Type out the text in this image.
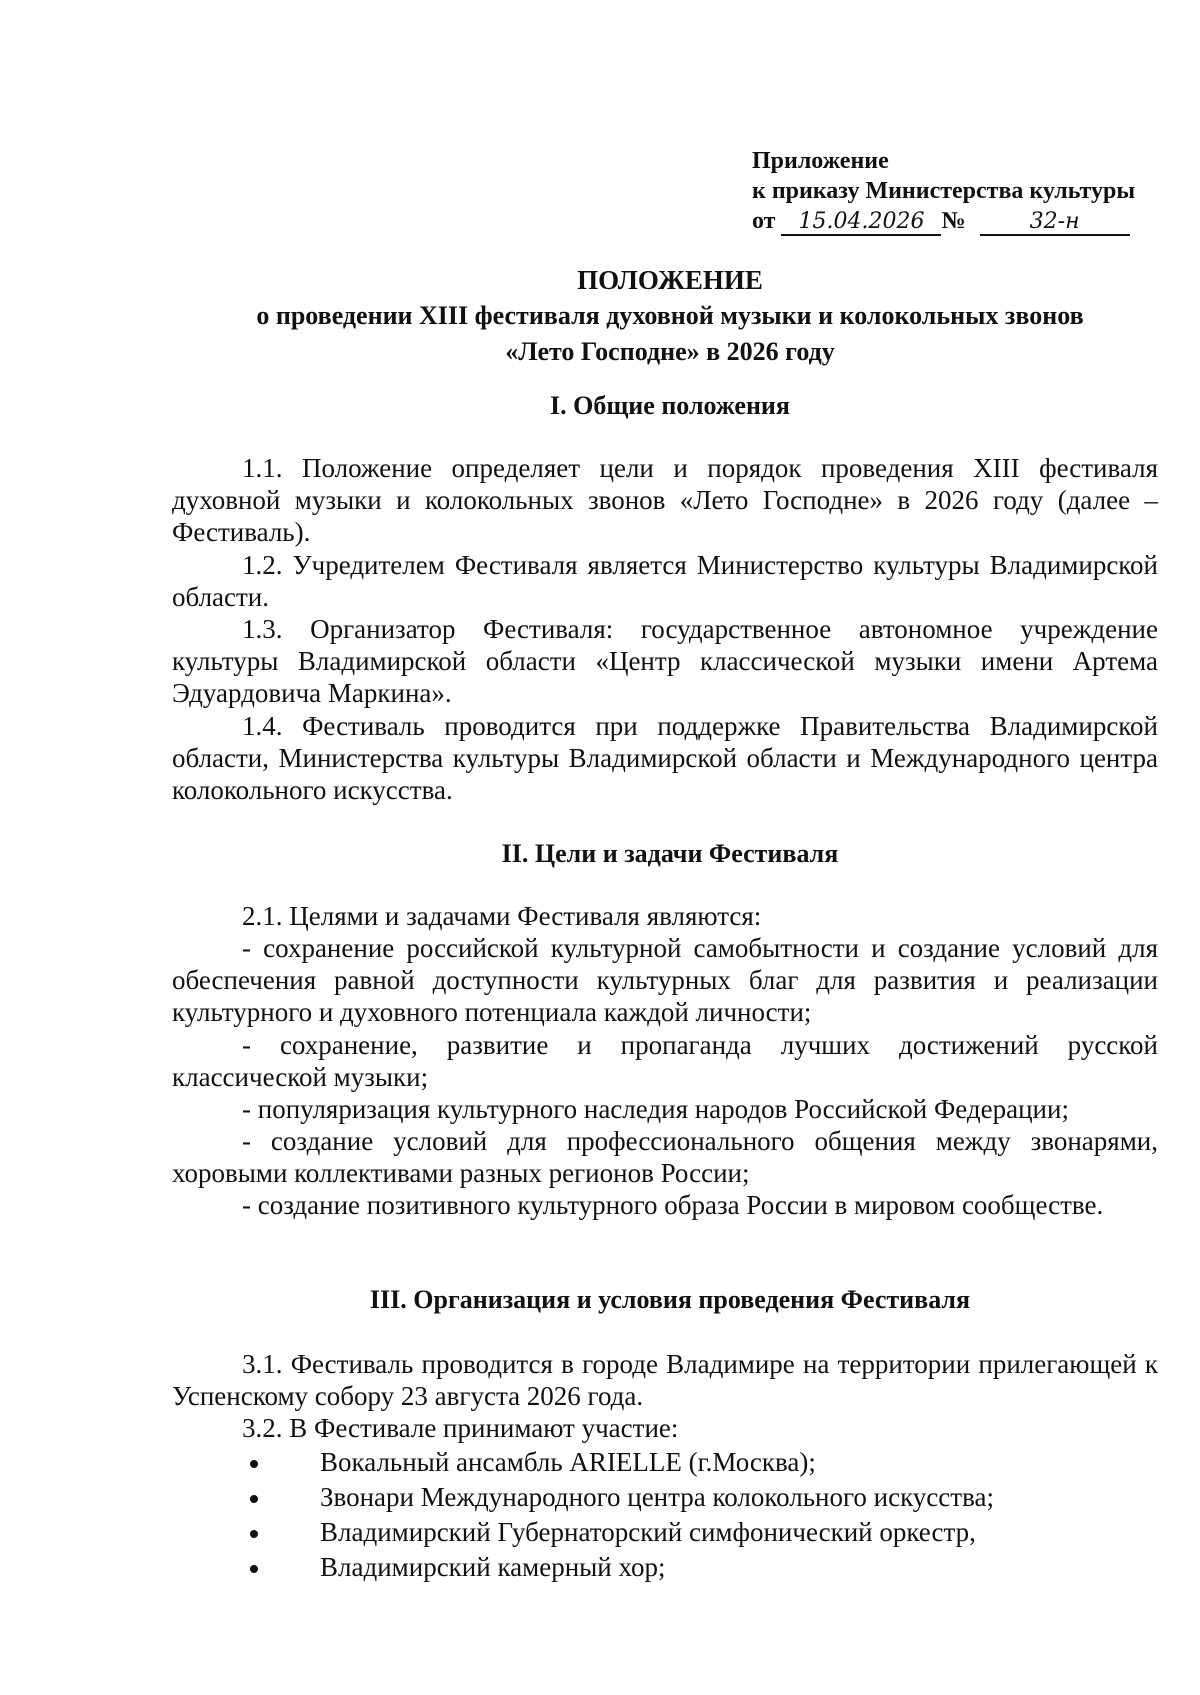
Приложение
к приказу Министерства культуры
от 15.04.2026 №	32-н
ПОЛОЖЕНИЕ
о проведении XIII фестиваля духовной музыки и колокольных звонов
«Лето Господне» в 2026 году
I. Общие положения
1.1. Положение определяет цели и порядок проведения XIII фестиваля духовной музыки и колокольных звонов «Лето Господне» в 2026 году (далее – Фестиваль).
1.2. Учредителем Фестиваля является Министерство культуры Владимирской области.
1.3. Организатор Фестиваля: государственное автономное учреждение культуры Владимирской области «Центр классической музыки имени Артема Эдуардовича Маркина».
1.4. Фестиваль проводится при поддержке Правительства Владимирской области, Министерства культуры Владимирской области и Международного центра колокольного искусства.
II. Цели и задачи Фестиваля
2.1. Целями и задачами Фестиваля являются:
- сохранение российской культурной самобытности и создание условий для обеспечения равной доступности культурных благ для развития и реализации культурного и духовного потенциала каждой личности;
- сохранение, развитие и пропаганда лучших достижений русской классической музыки;
- популяризация культурного наследия народов Российской Федерации;
- создание условий для профессионального общения между звонарями, хоровыми коллективами разных регионов России;
- создание позитивного культурного образа России в мировом сообществе.
III. Организация и условия проведения Фестиваля
3.1. Фестиваль проводится в городе Владимире на территории прилегающей к Успенскому собору 23 августа 2026 года.
3.2. В Фестивале принимают участие:
Вокальный ансамбль ARIELLE (г.Москва);
Звонари Международного центра колокольного искусства;
Владимирский Губернаторский симфонический оркестр,
Владимирский камерный хор;
